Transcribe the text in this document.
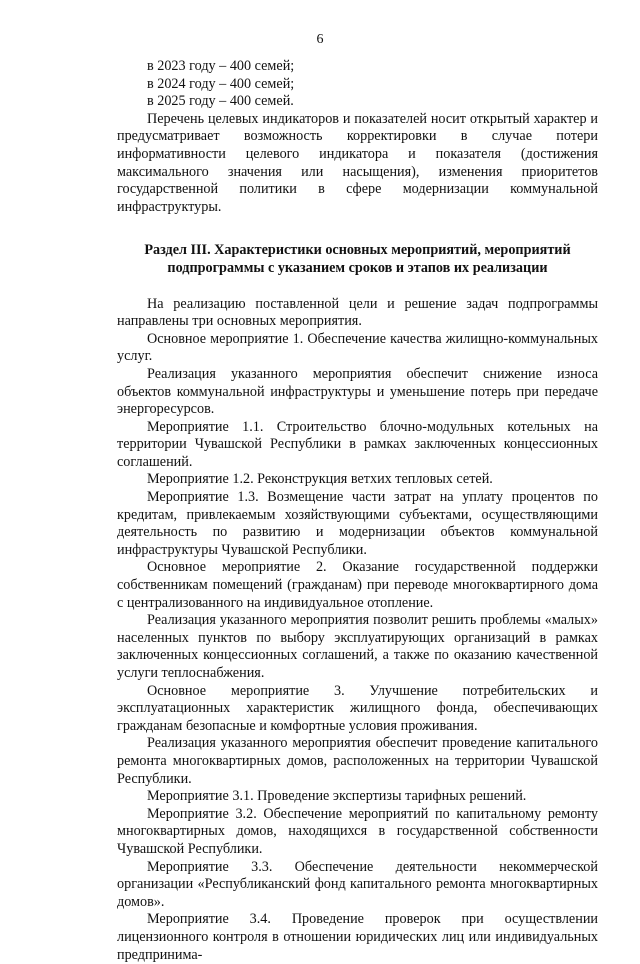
6

в 2023 году – 400 семей;

в 2024 году – 400 семей;

в 2025 году – 400 семей.

Перечень целевых индикаторов и показателей носит открытый характер и предусматривает возможность корректировки в случае потери информативности целевого индикатора и показателя (достижения максимального значения или насыщения), изменения приоритетов государственной политики в сфере модернизации коммунальной инфраструктуры.

Раздел III. Характеристики основных мероприятий, мероприятий
подпрограммы с указанием сроков и этапов их реализации

На реализацию поставленной цели и решение задач подпрограммы направлены три основных мероприятия.

Основное мероприятие 1. Обеспечение качества жилищно-коммунальных услуг.

Реализация указанного мероприятия обеспечит снижение износа объектов коммунальной инфраструктуры и уменьшение потерь при передаче энергоресурсов.

Мероприятие 1.1. Строительство блочно-модульных котельных на территории Чувашской Республики в рамках заключенных концессионных соглашений.

Мероприятие 1.2. Реконструкция ветхих тепловых сетей.

Мероприятие 1.3. Возмещение части затрат на уплату процентов по кредитам, привлекаемым хозяйствующими субъектами, осуществляющими деятельность по развитию и модернизации объектов коммунальной инфраструктуры Чувашской Республики.

Основное мероприятие 2. Оказание государственной поддержки собственникам помещений (гражданам) при переводе многоквартирного дома с централизованного на индивидуальное отопление.

Реализация указанного мероприятия позволит решить проблемы «малых» населенных пунктов по выбору эксплуатирующих организаций в рамках заключенных концессионных соглашений, а также по оказанию качественной услуги теплоснабжения.

Основное мероприятие 3. Улучшение потребительских и эксплуатационных характеристик жилищного фонда, обеспечивающих гражданам безопасные и комфортные условия проживания.

Реализация указанного мероприятия обеспечит проведение капитального ремонта многоквартирных домов, расположенных на территории Чувашской Республики.

Мероприятие 3.1. Проведение экспертизы тарифных решений.

Мероприятие 3.2. Обеспечение мероприятий по капитальному ремонту многоквартирных домов, находящихся в государственной собственности Чувашской Республики.

Мероприятие 3.3. Обеспечение деятельности некоммерческой организации «Республиканский фонд капитального ремонта многоквартирных домов».

Мероприятие 3.4. Проведение проверок при осуществлении лицензионного контроля в отношении юридических лиц или индивидуальных предпринима-
